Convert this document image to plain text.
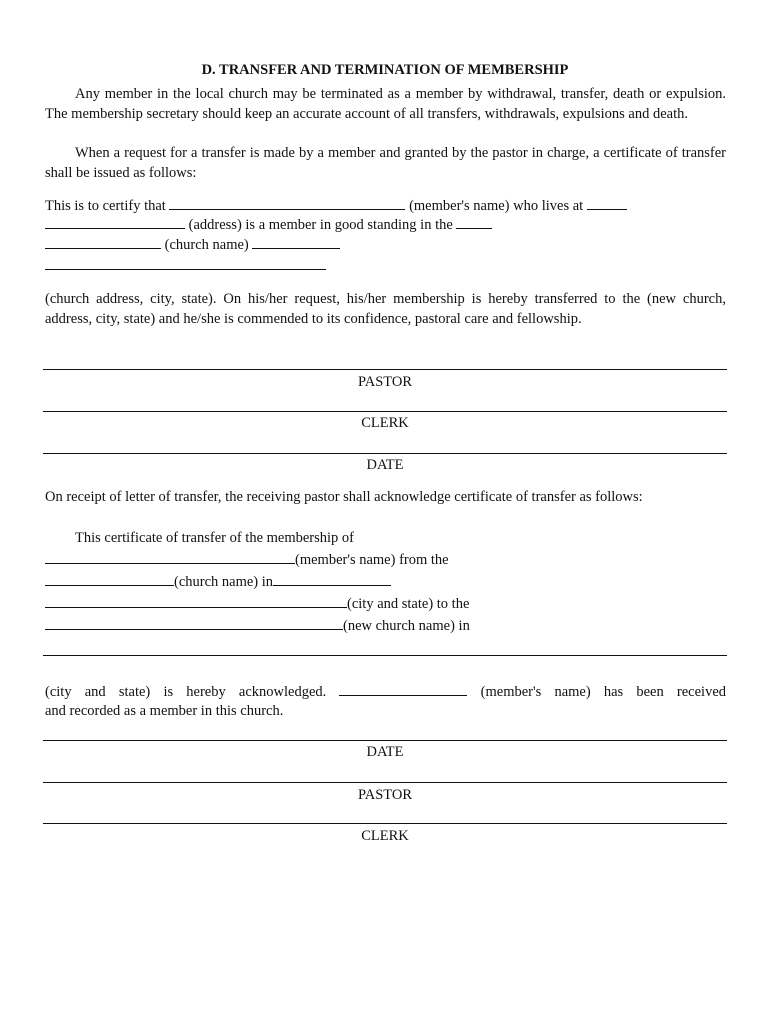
D. TRANSFER AND TERMINATION OF MEMBERSHIP

Any member in the local church may be terminated as a member by withdrawal, transfer, death or expulsion. The membership secretary should keep an accurate account of all transfers, withdrawals, expulsions and death.

When a request for a transfer is made by a member and granted by the pastor in charge, a certificate of transfer shall be issued as follows:

This is to certify that	(member's name) who lives at
(address) is a member in good standing in the
(church name)

(church address, city, state). On his/her request, his/her membership is hereby transferred to the (new church, address, city, state) and he/she is commended to its confidence, pastoral care and fellowship.

PASTOR
CLERK
DATE

On receipt of letter of transfer, the receiving pastor shall acknowledge certificate of transfer as follows:

This certificate of transfer of the membership of
(member's name) from the
(church name) in
(city and state) to the
(new church name) in
(city and state) is hereby acknowledged.	(member's name) has been received
and recorded as a member in this church.
DATE
PASTOR
CLERK
